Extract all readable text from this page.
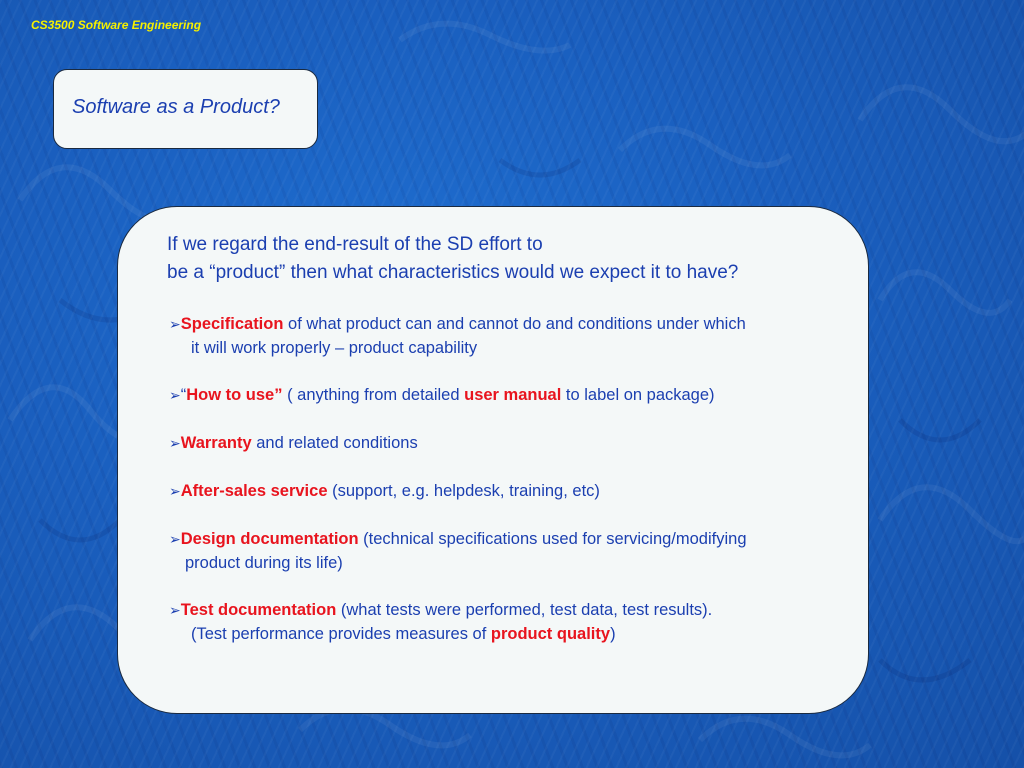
CS3500 Software Engineering
Software as a Product?
If we regard the end-result of the SD effort to
be a “product” then what characteristics would we expect it to have?
➢Specification of what product can and cannot do and conditions under which
it will work properly – product capability
➢“How to use” ( anything from detailed user manual to label on package)
➢Warranty and related conditions
➢After-sales service (support, e.g. helpdesk, training, etc)
➢Design documentation (technical specifications used for servicing/modifying
product during its life)
➢Test documentation (what tests were performed, test data, test results).
(Test performance provides measures of product quality)
